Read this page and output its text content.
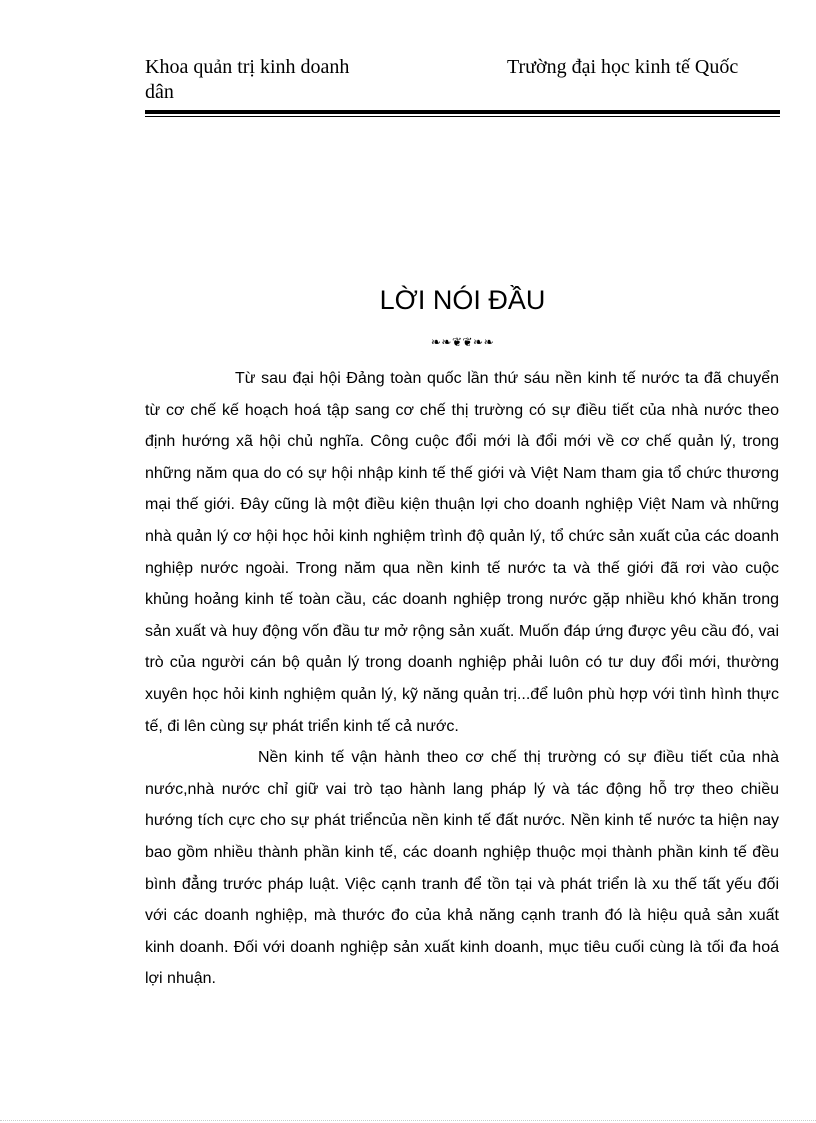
Khoa quản trị kinh doanh
dân
Trường đại học kinh tế Quốc
LỜI NÓI ĐẦU
❧❧❦❦❧❧

Từ sau đại hội Đảng toàn quốc lần thứ sáu nền kinh tế nước ta đã chuyển từ cơ chế kế hoạch hoá tập sang cơ chế thị trường có sự điều tiết của nhà nước theo định hướng xã hội chủ nghĩa. Công cuộc đổi mới là đổi mới về cơ chế quản lý, trong những năm qua do có sự hội nhập kinh tế thế giới và Việt Nam tham gia tổ chức thương mại thế giới. Đây cũng là một điều kiện thuận lợi cho doanh nghiệp Việt Nam và những nhà quản lý cơ hội học hỏi kinh nghiệm trình độ quản lý, tổ chức sản xuất của các doanh nghiệp nước ngoài. Trong năm qua nền kinh tế nước ta và thế giới đã rơi vào cuộc khủng hoảng kinh tế toàn cầu, các doanh nghiệp trong nước gặp nhiều khó khăn trong sản xuất và huy động vốn đầu tư mở rộng sản xuất. Muốn đáp ứng được yêu cầu đó, vai trò của người cán bộ quản lý trong doanh nghiệp phải luôn có tư duy đổi mới, thường xuyên học hỏi kinh nghiệm quản lý, kỹ năng quản trị...để luôn phù hợp với tình hình thực tế, đi lên cùng sự phát triển kinh tế cả nước.

Nền kinh tế vận hành theo cơ chế thị trường có sự điều tiết của nhà nước,nhà nước chỉ giữ vai trò tạo hành lang pháp lý và tác động hỗ trợ theo chiều hướng tích cực cho sự phát triểncủa nền kinh tế đất nước. Nền kinh tế nước ta hiện nay bao gồm nhiều thành phần kinh tế, các doanh nghiệp thuộc mọi thành phần kinh tế đều bình đẳng trước pháp luật. Việc cạnh tranh để tồn tại và phát triển là xu thế tất yếu đối với các doanh nghiệp, mà thước đo của khả năng cạnh tranh đó là hiệu quả sản xuất kinh doanh. Đối với doanh nghiệp sản xuất kinh doanh, mục tiêu cuối cùng là tối đa hoá lợi nhuận.
